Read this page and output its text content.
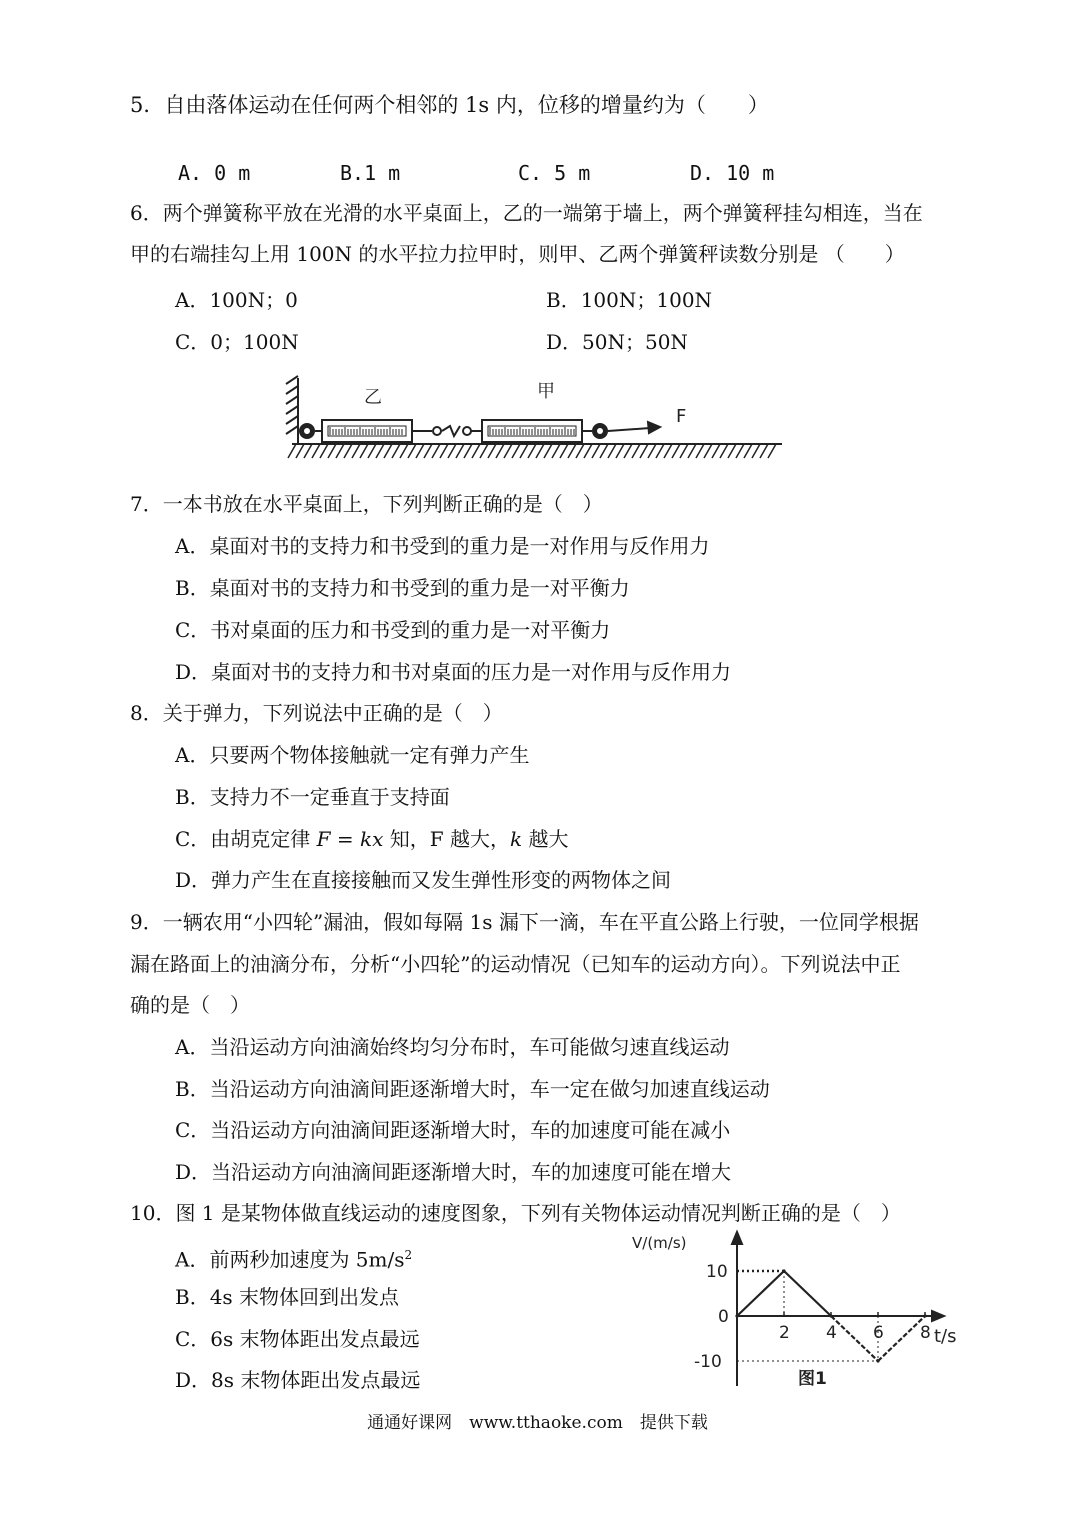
5．自由落体运动在任何两个相邻的 1s 内，位移的增量约为（　　）
A. 0 m	B.1 m	C. 5 m	D. 10 m
6．两个弹簧称平放在光滑的水平桌面上，乙的一端第于墙上，两个弹簧秤挂勾相连，当在
甲的右端挂勾上用 100N 的水平拉力拉甲时，则甲、乙两个弹簧秤读数分别是 （　　）
A．100N；0	B．100N；100N
C．0；100N	D．50N；50N
乙	甲
F
7．一本书放在水平桌面上，下列判断正确的是（　）
A．桌面对书的支持力和书受到的重力是一对作用与反作用力
B．桌面对书的支持力和书受到的重力是一对平衡力
C．书对桌面的压力和书受到的重力是一对平衡力
D．桌面对书的支持力和书对桌面的压力是一对作用与反作用力
8．关于弹力，下列说法中正确的是（　）
A．只要两个物体接触就一定有弹力产生
B．支持力不一定垂直于支持面
C．由胡克定律 F = kx 知，F 越大，k 越大
D．弹力产生在直接接触而又发生弹性形变的两物体之间
9．一辆农用“小四轮”漏油，假如每隔 1s 漏下一滴，车在平直公路上行驶，一位同学根据
漏在路面上的油滴分布，分析“小四轮”的运动情况（已知车的运动方向）。下列说法中正
确的是（　）
A．当沿运动方向油滴始终均匀分布时，车可能做匀速直线运动
B．当沿运动方向油滴间距逐渐增大时，车一定在做匀加速直线运动
C．当沿运动方向油滴间距逐渐增大时，车的加速度可能在减小
D．当沿运动方向油滴间距逐渐增大时，车的加速度可能在增大
10．图 1 是某物体做直线运动的速度图象，下列有关物体运动情况判断正确的是（　）
A．前两秒加速度为 $5m/s^2$
B．4s 末物体回到出发点
C．6s 末物体距出发点最远
D．8s 末物体距出发点最远
V/(m/s)
t/s
图1
2 4 6 8
10
0
-10
通通好课网　www.tthaoke.com　提供下载
